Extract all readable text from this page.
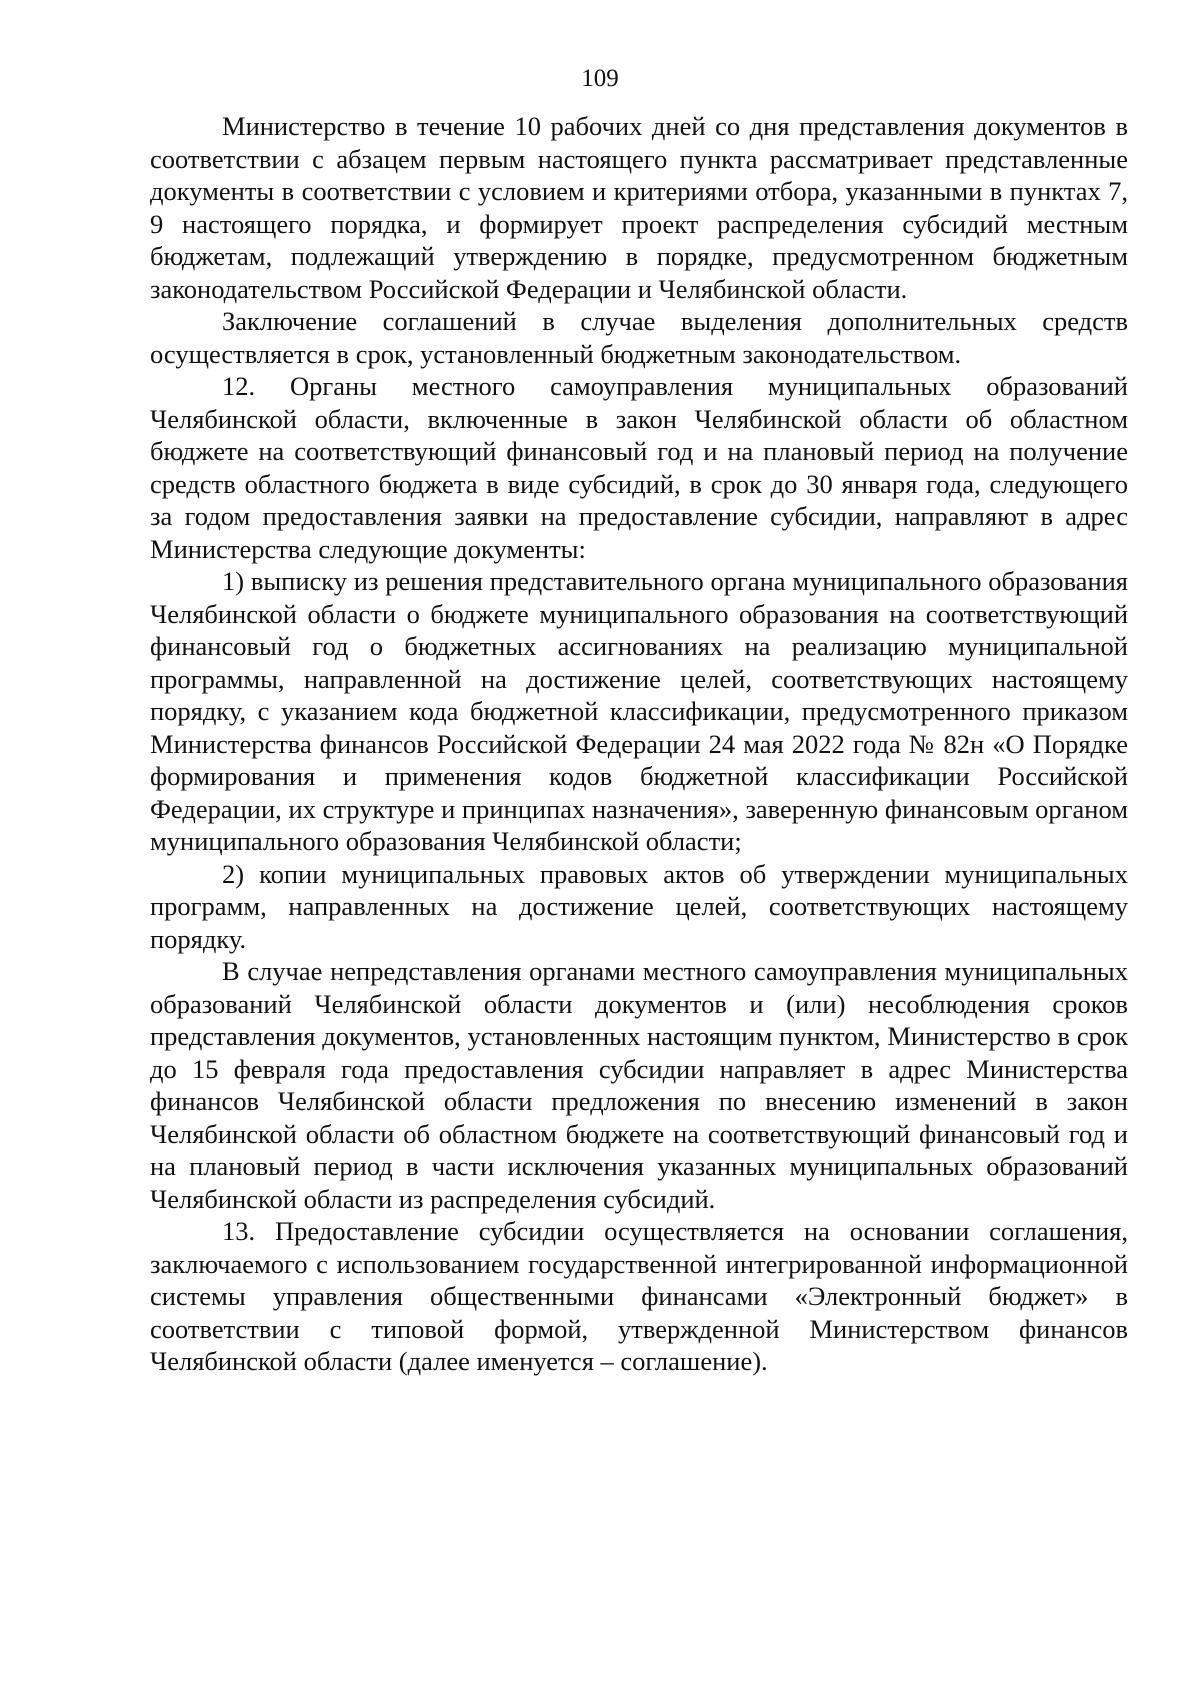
109

Министерство в течение 10 рабочих дней со дня представления документов в соответствии с абзацем первым настоящего пункта рассматривает представленные документы в соответствии с условием и критериями отбора, указанными в пунктах 7, 9 настоящего порядка, и формирует проект распределения субсидий местным бюджетам, подлежащий утверждению в порядке, предусмотренном бюджетным законодательством Российской Федерации и Челябинской области.

Заключение соглашений в случае выделения дополнительных средств осуществляется в срок, установленный бюджетным законодательством.

12. Органы местного самоуправления муниципальных образований Челябинской области, включенные в закон Челябинской области об областном бюджете на соответствующий финансовый год и на плановый период на получение средств областного бюджета в виде субсидий, в срок до 30 января года, следующего за годом предоставления заявки на предоставление субсидии, направляют в адрес Министерства следующие документы:

1) выписку из решения представительного органа муниципального образования Челябинской области о бюджете муниципального образования на соответствующий финансовый год о бюджетных ассигнованиях на реализацию муниципальной программы, направленной на достижение целей, соответствующих настоящему порядку, с указанием кода бюджетной классификации, предусмотренного приказом Министерства финансов Российской Федерации 24 мая 2022 года № 82н «О Порядке формирования и применения кодов бюджетной классификации Российской Федерации, их структуре и принципах назначения», заверенную финансовым органом муниципального образования Челябинской области;

2) копии муниципальных правовых актов об утверждении муниципальных программ, направленных на достижение целей, соответствующих настоящему порядку.

В случае непредставления органами местного самоуправления муниципальных образований Челябинской области документов и (или) несоблюдения сроков представления документов, установленных настоящим пунктом, Министерство в срок до 15 февраля года предоставления субсидии направляет в адрес Министерства финансов Челябинской области предложения по внесению изменений в закон Челябинской области об областном бюджете на соответствующий финансовый год и на плановый период в части исключения указанных муниципальных образований Челябинской области из распределения субсидий.

13. Предоставление субсидии осуществляется на основании соглашения, заключаемого с использованием государственной интегрированной информационной системы управления общественными финансами «Электронный бюджет» в соответствии с типовой формой, утвержденной Министерством финансов Челябинской области (далее именуется – соглашение).
